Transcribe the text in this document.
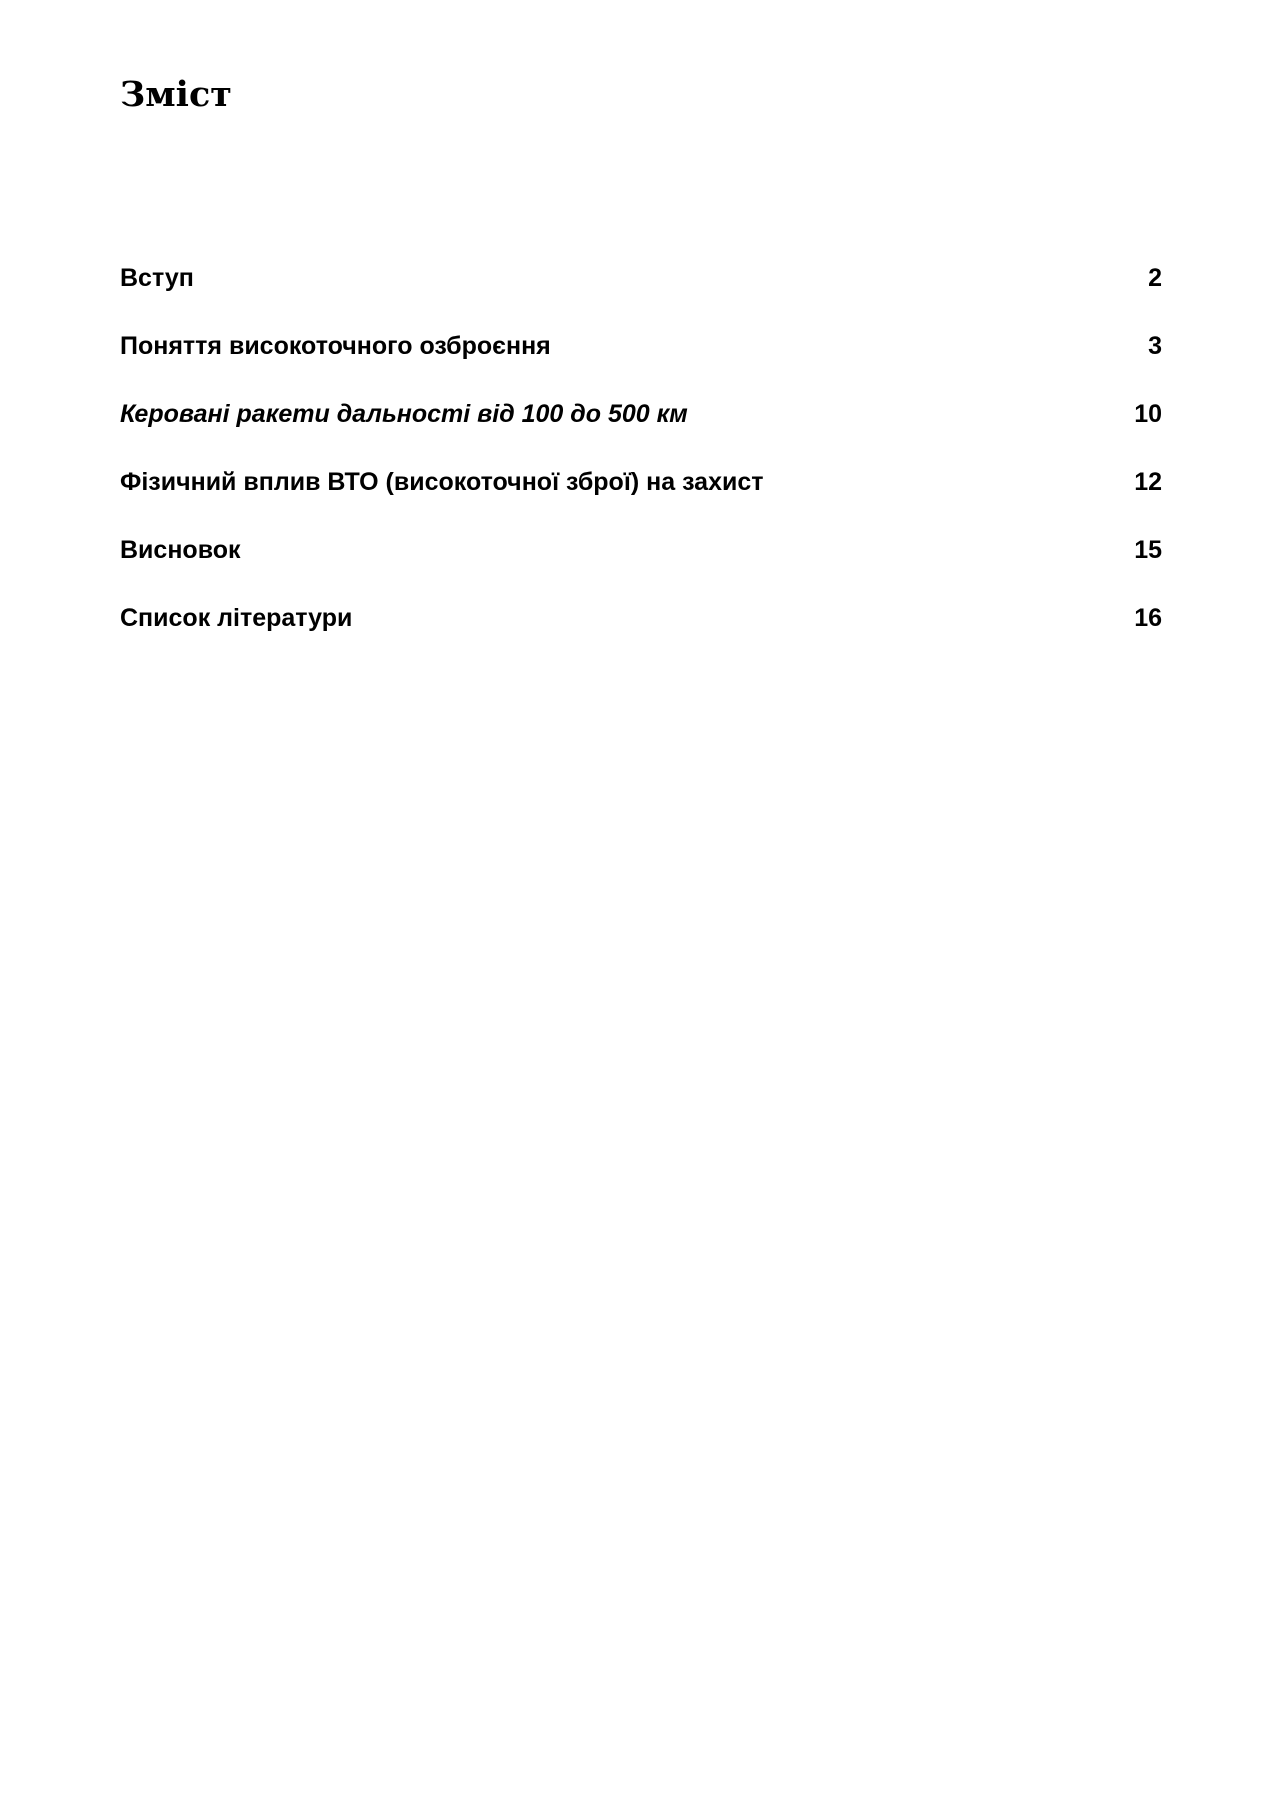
Зміст
Вступ	2
Поняття високоточного озброєння	3
Керовані ракети дальності від 100 до 500 км	10
Фізичний вплив ВТО (високоточної зброї) на захист	12
Висновок	15
Список літератури	16
